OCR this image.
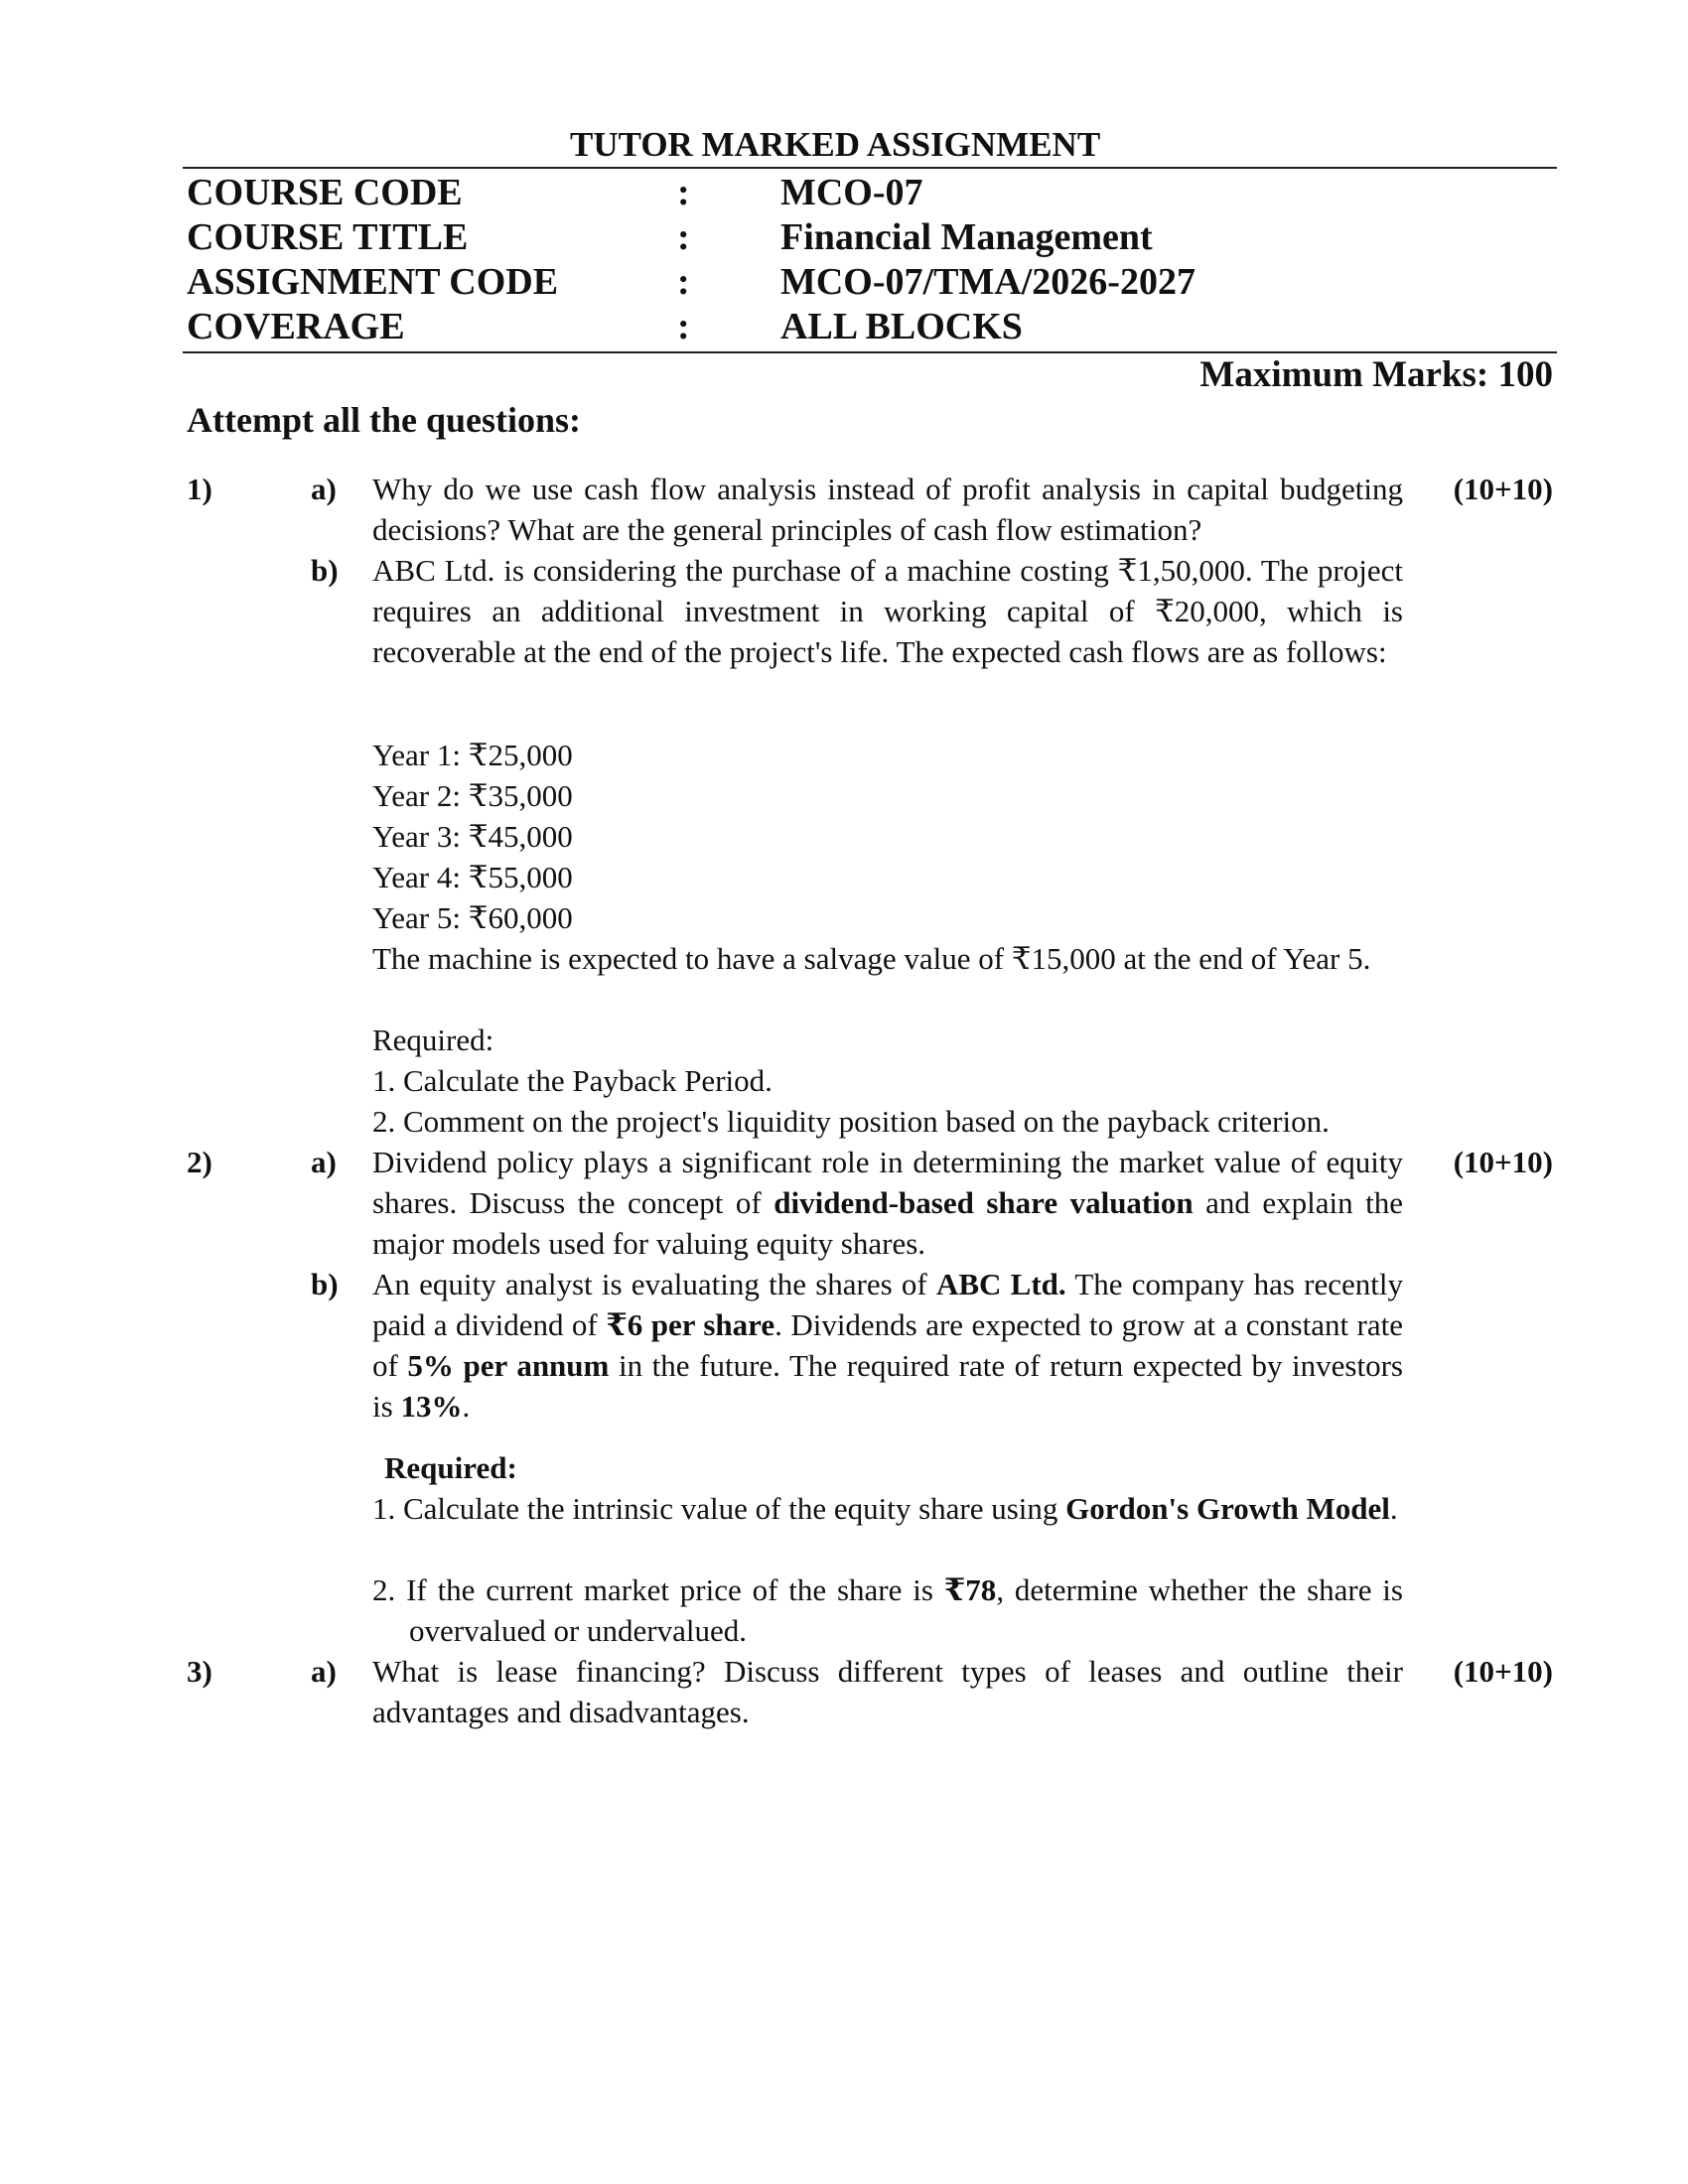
TUTOR MARKED ASSIGNMENT
COURSE CODE	: MCO-07
COURSE TITLE	: Financial Management
ASSIGNMENT CODE	: MCO-07/TMA/2026-2027
COVERAGE	: ALL BLOCKS
Maximum Marks: 100
Attempt all the questions:
1)	a)	(10+10)
Why do we use cash flow analysis instead of profit analysis in capital budgeting decisions? What are the general principles of cash flow estimation?
b) ABC Ltd. is considering the purchase of a machine costing ₹1,50,000. The project requires an additional investment in working capital of ₹20,000, which is recoverable at the end of the project's life. The expected cash flows are as follows:
Year 1: ₹25,000
Year 2: ₹35,000
Year 3: ₹45,000
Year 4: ₹55,000
Year 5: ₹60,000
The machine is expected to have a salvage value of ₹15,000 at the end of Year 5.
Required:
1. Calculate the Payback Period.
2. Comment on the project's liquidity position based on the payback criterion.
2)	a)	(10+10)
Dividend policy plays a significant role in determining the market value of equity shares. Discuss the concept of dividend-based share valuation and explain the major models used for valuing equity shares.
b) An equity analyst is evaluating the shares of ABC Ltd. The company has recently paid a dividend of ₹6 per share. Dividends are expected to grow at a constant rate of 5% per annum in the future. The required rate of return expected by investors is 13%.
Required:
1. Calculate the intrinsic value of the equity share using Gordon's Growth Model.
2. If the current market price of the share is ₹78, determine whether the share is overvalued or undervalued.
3)	a)	(10+10)
What is lease financing? Discuss different types of leases and outline their advantages and disadvantages.
